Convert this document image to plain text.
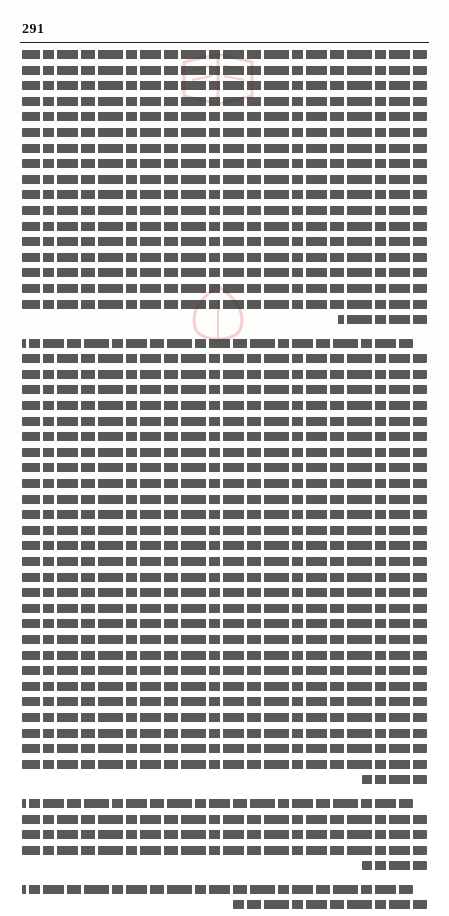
291
